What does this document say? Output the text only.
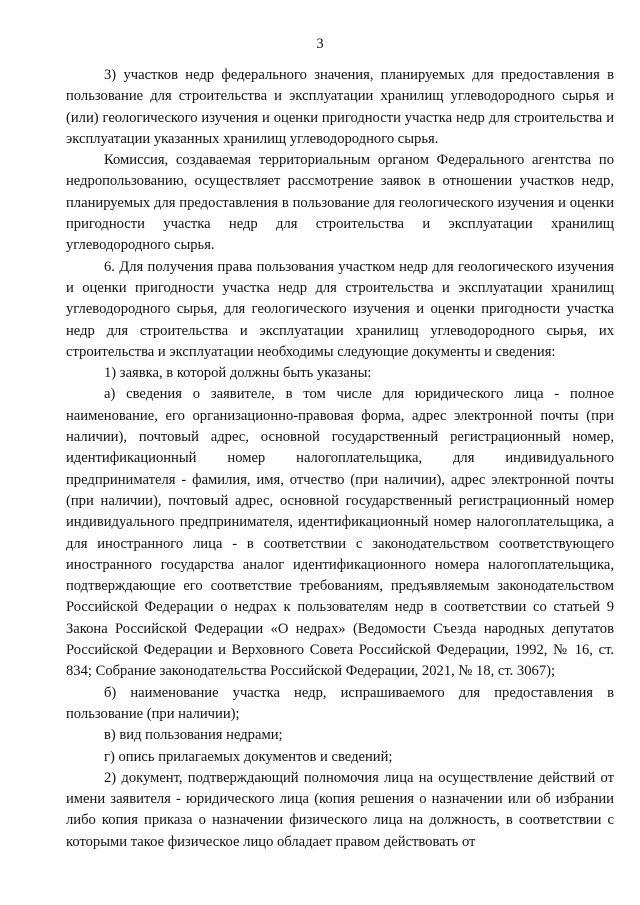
3

3) участков недр федерального значения, планируемых для предоставления в пользование для строительства и эксплуатации хранилищ углеводородного сырья и (или) геологического изучения и оценки пригодности участка недр для строительства и эксплуатации указанных хранилищ углеводородного сырья.

Комиссия, создаваемая территориальным органом Федерального агентства по недропользованию, осуществляет рассмотрение заявок в отношении участков недр, планируемых для предоставления в пользование для геологического изучения и оценки пригодности участка недр для строительства и эксплуатации хранилищ углеводородного сырья.

6. Для получения права пользования участком недр для геологического изучения и оценки пригодности участка недр для строительства и эксплуатации хранилищ углеводородного сырья, для геологического изучения и оценки пригодности участка недр для строительства и эксплуатации хранилищ углеводородного сырья, их строительства и эксплуатации необходимы следующие документы и сведения:

1) заявка, в которой должны быть указаны:

а) сведения о заявителе, в том числе для юридического лица - полное наименование, его организационно-правовая форма, адрес электронной почты (при наличии), почтовый адрес, основной государственный регистрационный номер, идентификационный номер налогоплательщика, для индивидуального предпринимателя - фамилия, имя, отчество (при наличии), адрес электронной почты (при наличии), почтовый адрес, основной государственный регистрационный номер индивидуального предпринимателя, идентификационный номер налогоплательщика, а для иностранного лица - в соответствии с законодательством соответствующего иностранного государства аналог идентификационного номера налогоплательщика, подтверждающие его соответствие требованиям, предъявляемым законодательством Российской Федерации о недрах к пользователям недр в соответствии со статьей 9 Закона Российской Федерации «О недрах» (Ведомости Съезда народных депутатов Российской Федерации и Верховного Совета Российской Федерации, 1992, № 16, ст. 834; Собрание законодательства Российской Федерации, 2021, № 18, ст. 3067);

б) наименование участка недр, испрашиваемого для предоставления в пользование (при наличии);

в) вид пользования недрами;

г) опись прилагаемых документов и сведений;

2) документ, подтверждающий полномочия лица на осуществление действий от имени заявителя - юридического лица (копия решения о назначении или об избрании либо копия приказа о назначении физического лица на должность, в соответствии с которыми такое физическое лицо обладает правом действовать от
